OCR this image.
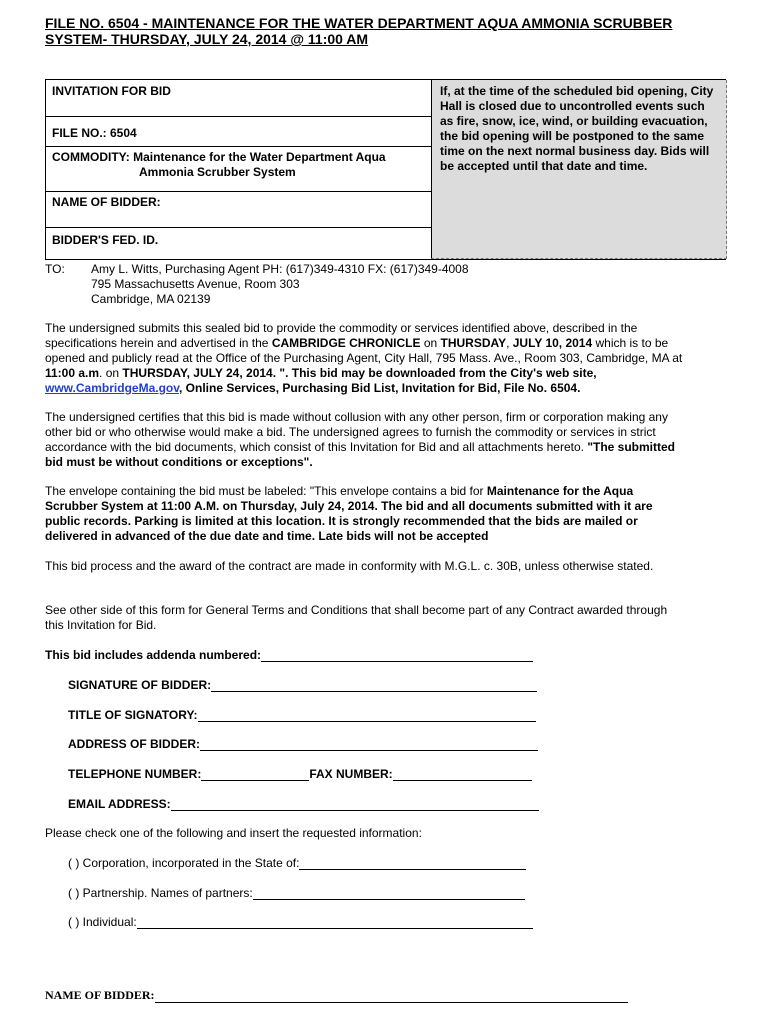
FILE NO. 6504 - MAINTENANCE FOR THE WATER DEPARTMENT AQUA AMMONIA SCRUBBER
SYSTEM- THURSDAY, JULY 24, 2014 @ 11:00 AM
INVITATION FOR BID
FILE NO.: 6504
COMMODITY: Maintenance for the Water Department Aqua
Ammonia Scrubber System
NAME OF BIDDER:
BIDDER'S FED. ID.
If, at the time of the scheduled bid opening, City Hall is closed due to uncontrolled events such as fire, snow, ice, wind, or building evacuation, the bid opening will be postponed to the same time on the next normal business day. Bids will be accepted until that date and time.

TO: Amy L. Witts, Purchasing Agent PH: (617)349-4310 FX: (617)349-4008

795 Massachusetts Avenue, Room 303

Cambridge, MA 02139

The undersigned submits this sealed bid to provide the commodity or services identified above, described in the specifications herein and advertised in the CAMBRIDGE CHRONICLE on THURSDAY, JULY 10, 2014 which is to be opened and publicly read at the Office of the Purchasing Agent, City Hall, 795 Mass. Ave., Room 303, Cambridge, MA at 11:00 a.m. on THURSDAY, JULY 24, 2014. ". This bid may be downloaded from the City's web site, www.CambridgeMa.gov, Online Services, Purchasing Bid List, Invitation for Bid, File No. 6504.

The undersigned certifies that this bid is made without collusion with any other person, firm or corporation making any other bid or who otherwise would make a bid. The undersigned agrees to furnish the commodity or services in strict accordance with the bid documents, which consist of this Invitation for Bid and all attachments hereto. "The submitted bid must be without conditions or exceptions".

The envelope containing the bid must be labeled: "This envelope contains a bid for Maintenance for the Aqua Scrubber System at 11:00 A.M. on Thursday, July 24, 2014. The bid and all documents submitted with it are public records. Parking is limited at this location. It is strongly recommended that the bids are mailed or delivered in advanced of the due date and time. Late bids will not be accepted

This bid process and the award of the contract are made in conformity with M.G.L. c. 30B, unless otherwise stated.

See other side of this form for General Terms and Conditions that shall become part of any Contract awarded through this Invitation for Bid.

This bid includes addenda numbered:
SIGNATURE OF BIDDER:
TITLE OF SIGNATORY:
ADDRESS OF BIDDER:
TELEPHONE NUMBER:	FAX NUMBER:
EMAIL ADDRESS:
Please check one of the following and insert the requested information:
( ) Corporation, incorporated in the State of:
( ) Partnership. Names of partners:
( ) Individual:
NAME OF BIDDER:
